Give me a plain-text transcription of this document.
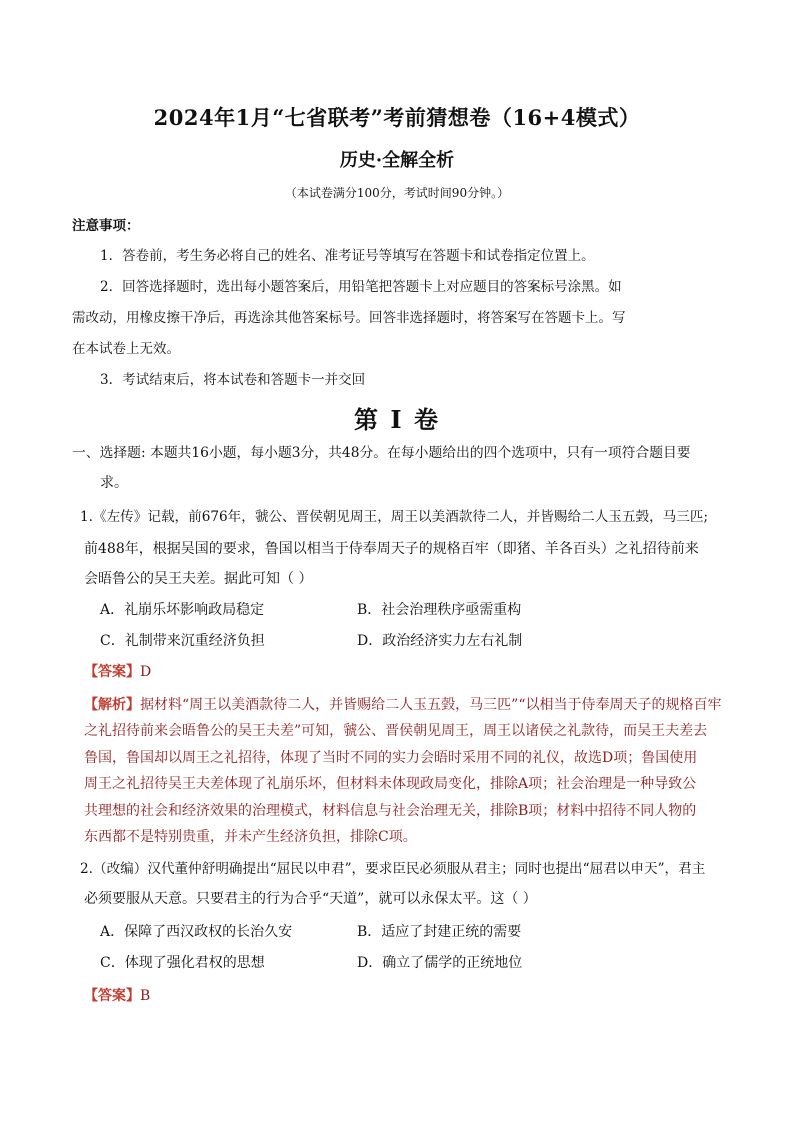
2024年1月“七省联考”考前猜想卷（16+4模式）
历史·全解全析
（本试卷满分100分，考试时间90分钟。）
注意事项：
1．答卷前，考生务必将自己的姓名、准考证号等填写在答题卡和试卷指定位置上。
2．回答选择题时，选出每小题答案后，用铅笔把答题卡上对应题目的答案标号涂黑。如
需改动，用橡皮擦干净后，再选涂其他答案标号。回答非选择题时，将答案写在答题卡上。写
在本试卷上无效。
3．考试结束后，将本试卷和答题卡一并交回
第 I 卷
一、选择题: 本题共16小题，每小题3分，共48分。在每小题给出的四个选项中，只有一项符合题目要
求。
1.《左传》记载，前676年，虢公、晋侯朝见周王，周王以美酒款待二人，并皆赐给二人玉五瑴，马三匹;
前488年，根据吴国的要求，鲁国以相当于侍奉周天子的规格百牢（即猪、羊各百头）之礼招待前来
会晤鲁公的吴王夫差。据此可知（ ）
A．礼崩乐坏影响政局稳定	B．社会治理秩序亟需重构
C．礼制带来沉重经济负担	D．政治经济实力左右礼制
【答案】D
【解析】据材料“周王以美酒款待二人，并皆赐给二人玉五瑴，马三匹”“以相当于侍奉周天子的规格百牢
之礼招待前来会晤鲁公的吴王夫差”可知，虢公、晋侯朝见周王，周王以诸侯之礼款待，而吴王夫差去
鲁国，鲁国却以周王之礼招待，体现了当时不同的实力会晤时采用不同的礼仪，故选D项；鲁国使用
周王之礼招待吴王夫差体现了礼崩乐坏，但材料未体现政局变化，排除A项；社会治理是一种导致公
共理想的社会和经济效果的治理模式，材料信息与社会治理无关，排除B项；材料中招待不同人物的
东西都不是特别贵重，并未产生经济负担，排除C项。
2.（改编）汉代董仲舒明确提出“屈民以申君”，要求臣民必须服从君主；同时也提出“屈君以申天”，君主
必须要服从天意。只要君主的行为合乎“天道”，就可以永保太平。这（ ）
A．保障了西汉政权的长治久安	B．适应了封建正统的需要
C．体现了强化君权的思想	D．确立了儒学的正统地位
【答案】B
